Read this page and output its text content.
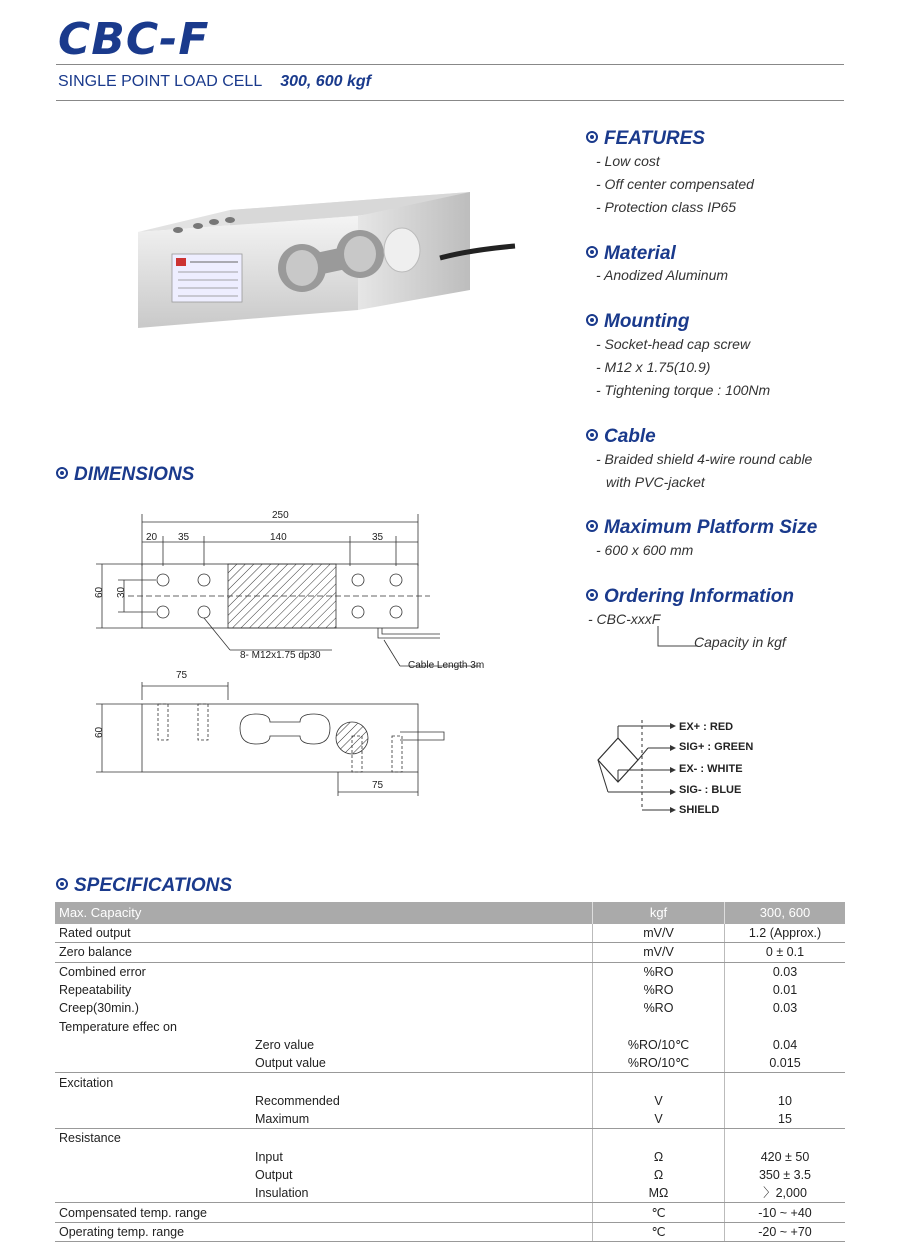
CBC-F
SINGLE POINT LOAD CELL 300, 600 kgf
FEATURES
- Low cost
- Off center compensated
- Protection class IP65
Material
- Anodized Aluminum
Mounting
- Socket-head cap screw
- M12 x 1.75(10.9)
- Tightening torque : 100Nm
Cable
- Braided shield 4-wire round cable
with PVC-jacket
Maximum Platform Size
- 600 x 600 mm
Ordering Information
- CBC-xxxF
Capacity in kgf
EX+ : RED
SIG+ : GREEN
EX- : WHITE
SIG- : BLUE
SHIELD
DIMENSIONS
250
20 35	140	35
60 30
8- M12x1.75 dp30
Cable Length 3m
75
60
75
SPECIFICATIONS
Max. Capacity	kgf	300, 600
Rated output	mV/V	1.2 (Approx.)
Zero balance	mV/V	0 ± 0.1
Combined error	%RO	0.03
Repeatability	%RO	0.01
Creep(30min.)	%RO	0.03
Temperature effec on		
Zero value	%RO/10℃	0.04
Output value	%RO/10℃	0.015
Excitation		
Recommended	V	10
Maximum	V	15
Resistance		
Input	Ω	420 ± 50
Output	Ω	350 ± 3.5
Insulation	MΩ	〉2,000
Compensated temp. range	℃	-10 ~ +40
Operating temp. range	℃	-20 ~ +70
